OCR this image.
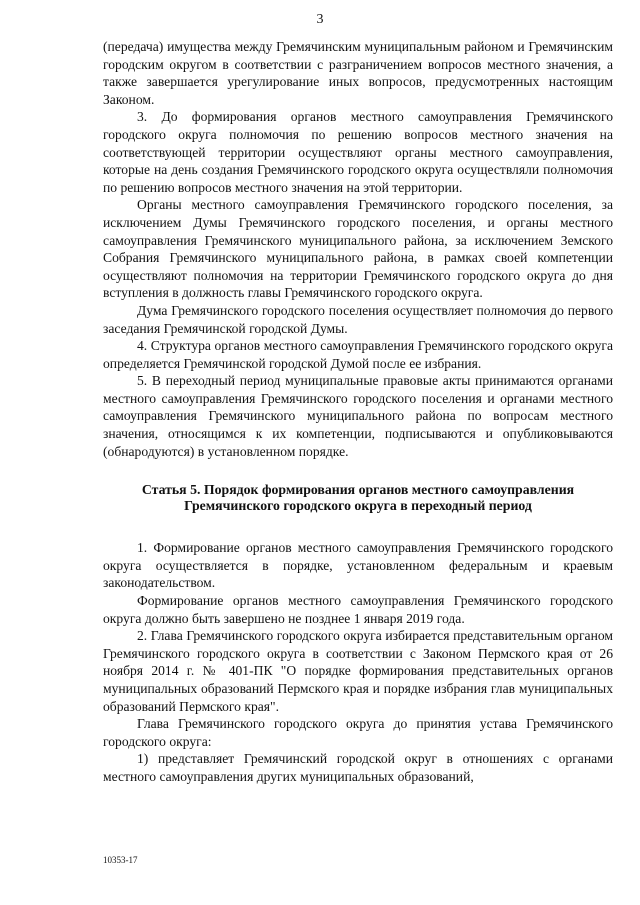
3

(передача) имущества между Гремячинским муниципальным районом и Гремячинским городским округом в соответствии с разграничением вопросов местного значения, а также завершается урегулирование иных вопросов, предусмотренных настоящим Законом.

3. До формирования органов местного самоуправления Гремячинского городского округа полномочия по решению вопросов местного значения на соответствующей территории осуществляют органы местного самоуправления, которые на день создания Гремячинского городского округа осуществляли полномочия по решению вопросов местного значения на этой территории.

Органы местного самоуправления Гремячинского городского поселения, за исключением Думы Гремячинского городского поселения, и органы местного самоуправления Гремячинского муниципального района, за исключением Земского Собрания Гремячинского муниципального района, в рамках своей компетенции осуществляют полномочия на территории Гремячинского городского округа до дня вступления в должность главы Гремячинского городского округа.

Дума Гремячинского городского поселения осуществляет полномочия до первого заседания Гремячинской городской Думы.

4. Структура органов местного самоуправления Гремячинского городского округа определяется Гремячинской городской Думой после ее избрания.

5. В переходный период муниципальные правовые акты принимаются органами местного самоуправления Гремячинского городского поселения и органами местного самоуправления Гремячинского муниципального района по вопросам местного значения, относящимся к их компетенции, подписываются и опубликовываются (обнародуются) в установленном порядке.

Статья 5. Порядок формирования органов местного самоуправления Гремячинского городского округа в переходный период

1. Формирование органов местного самоуправления Гремячинского городского округа осуществляется в порядке, установленном федеральным и краевым законодательством.

Формирование органов местного самоуправления Гремячинского городского округа должно быть завершено не позднее 1 января 2019 года.

2. Глава Гремячинского городского округа избирается представительным органом Гремячинского городского округа в соответствии с Законом Пермского края от 26 ноября 2014 г. № 401-ПК "О порядке формирования представительных органов муниципальных образований Пермского края и порядке избрания глав муниципальных образований Пермского края".

Глава Гремячинского городского округа до принятия устава Гремячинского городского округа:

1) представляет Гремячинский городской округ в отношениях с органами местного самоуправления других муниципальных образований,

10353-17
